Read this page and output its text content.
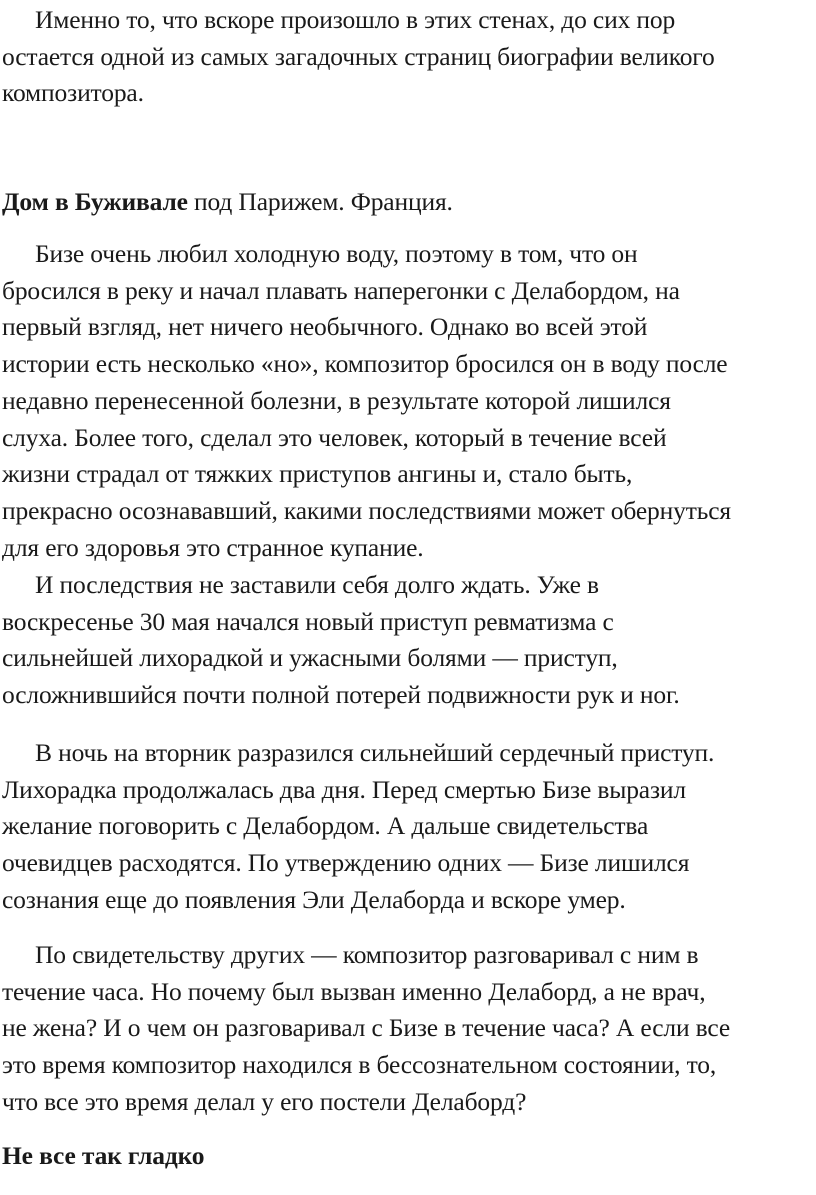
Именно то, что вскоре произошло в этих стенах, до сих пор
остается одной из самых загадочных страниц биографии великого
композитора.

Дом в Буживале под Парижем. Франция.

Бизе очень любил холодную воду, поэтому в том, что он
бросился в реку и начал плавать наперегонки с Делабордом, на
первый взгляд, нет ничего необычного. Однако во всей этой
истории есть несколько «но», композитор бросился он в воду после
недавно перенесенной болезни, в результате которой лишился
слуха. Более того, сделал это человек, который в течение всей
жизни страдал от тяжких приступов ангины и, стало быть,
прекрасно осознававший, какими последствиями может обернуться
для его здоровья это странное купание.

И последствия не заставили себя долго ждать. Уже в
воскресенье 30 мая начался новый приступ ревматизма с
сильнейшей лихорадкой и ужасными болями — приступ,
осложнившийся почти полной потерей подвижности рук и ног.

В ночь на вторник разразился сильнейший сердечный приступ.
Лихорадка продолжалась два дня. Перед смертью Бизе выразил
желание поговорить с Делабордом. А дальше свидетельства
очевидцев расходятся. По утверждению одних — Бизе лишился
сознания еще до появления Эли Делаборда и вскоре умер.

По свидетельству других — композитор разговаривал с ним в
течение часа. Но почему был вызван именно Делаборд, а не врач,
не жена? И о чем он разговаривал с Бизе в течение часа? А если все
это время композитор находился в бессознательном состоянии, то,
что все это время делал у его постели Делаборд?

Не все так гладко
